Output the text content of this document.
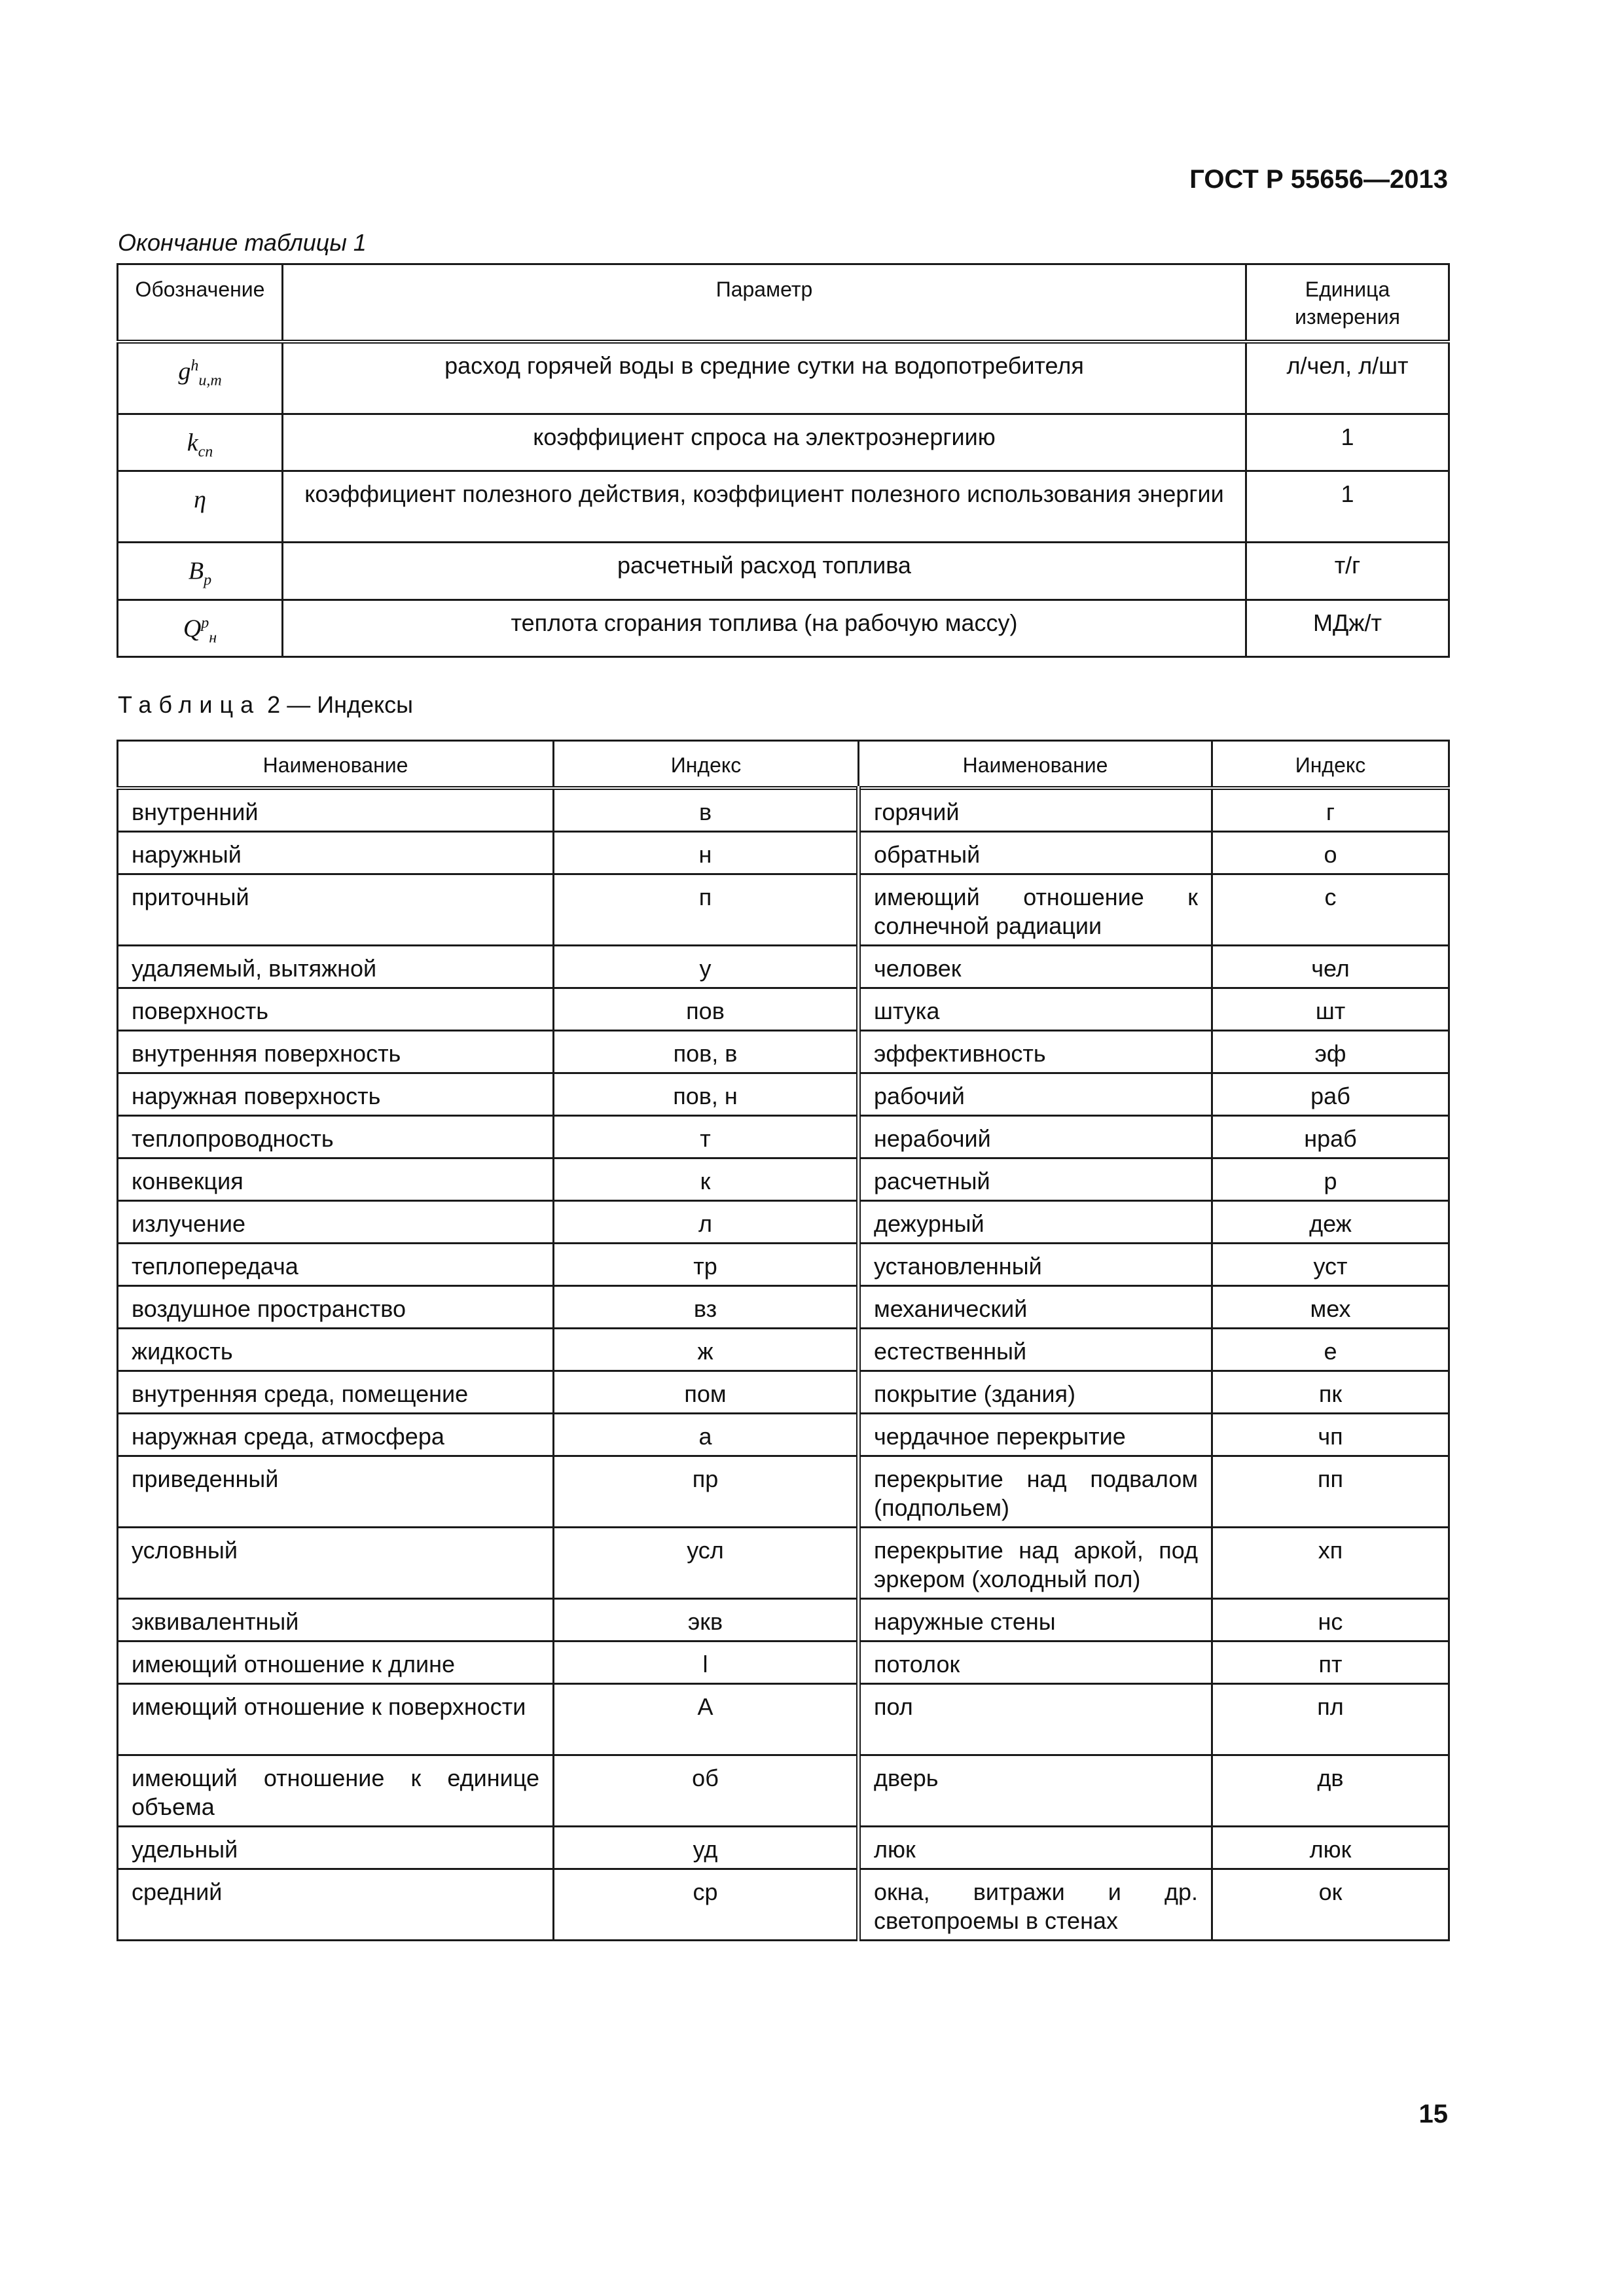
ГОСТ Р 55656—2013
Окончание таблицы 1
Обозначение	Параметр	Единица измерения
$g^h_{u,m}$	расход горячей воды в средние сутки на водопотребителя	л/чел, л/шт
$k_{сп}$	коэффициент спроса на электроэнергиию	1
η	коэффициент полезного действия, коэффициент полезного использования энергии	1
$B_р$	расчетный расход топлива	т/г
$Q^р_н$	теплота сгорания топлива (на рабочую массу)	МДж/т
Таблица 2 — Индексы
Наименование	Индекс	Наименование	Индекс
внутренний	в	горячий	г
наружный	н	обратный	о
приточный	п	имеющий отношение к солнечной радиации	с
удаляемый, вытяжной	у	человек	чел
поверхность	пов	штука	шт
внутренняя поверхность	пов, в	эффективность	эф
наружная поверхность	пов, н	рабочий	раб
теплопроводность	т	нерабочий	нраб
конвекция	к	расчетный	р
излучение	л	дежурный	деж
теплопередача	тр	установленный	уст
воздушное пространство	вз	механический	мех
жидкость	ж	естественный	е
внутренняя среда, помещение	пом	покрытие (здания)	пк
наружная среда, атмосфера	а	чердачное перекрытие	чп
приведенный	пр	перекрытие над подвалом (подпольем)	пп
условный	усл	перекрытие над аркой, под эркером (холодный пол)	хп
эквивалентный	экв	наружные стены	нс
имеющий отношение к длине	l	потолок	пт
имеющий отношение к поверхности	А	пол	пл
имеющий отношение к единице объема	об	дверь	дв
удельный	уд	люк	люк
средний	ср	окна, витражи и др. светопроемы в стенах	ок
15
